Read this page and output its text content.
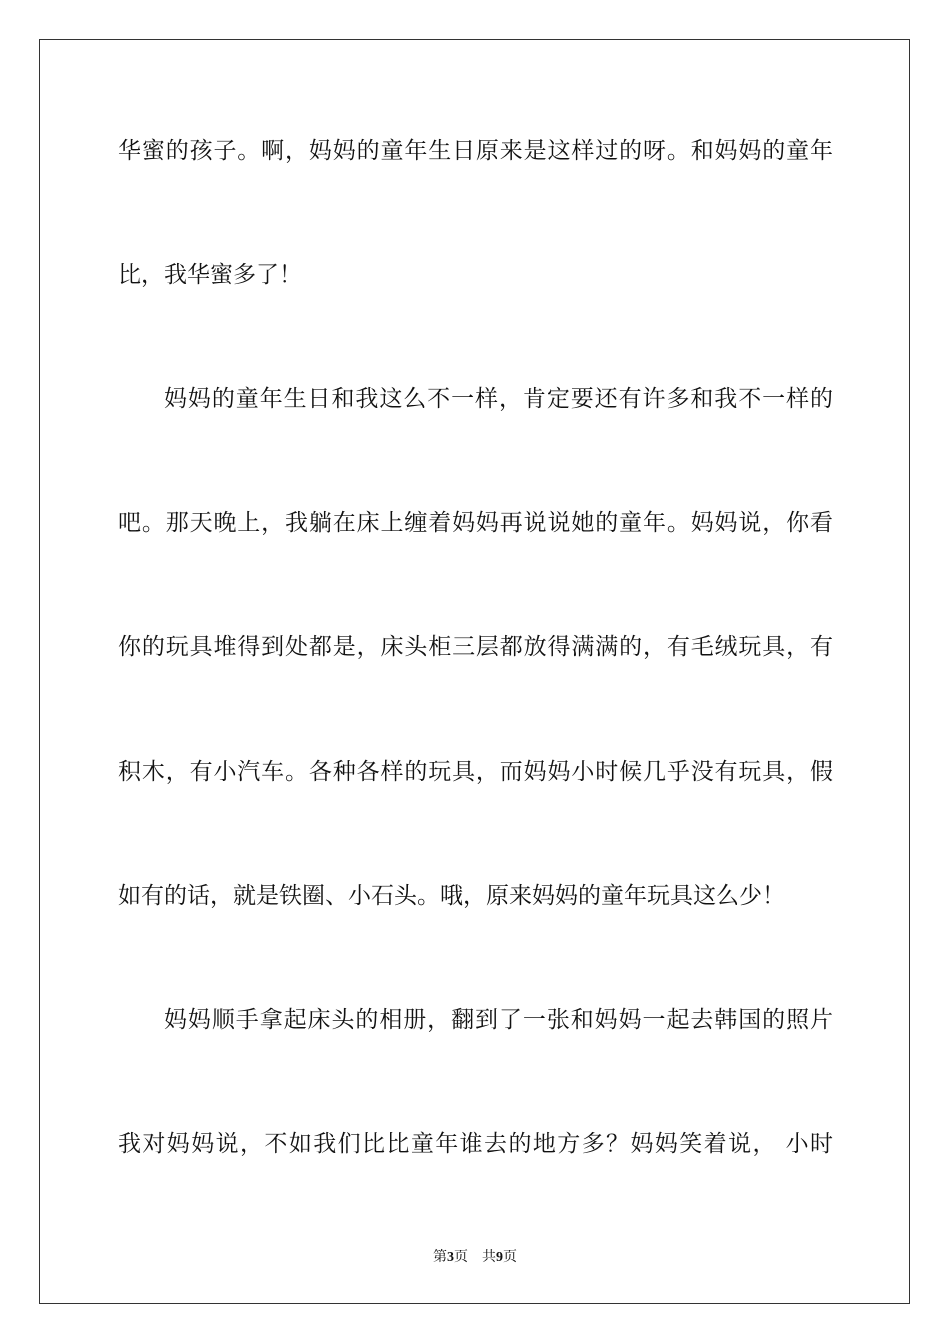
华蜜的孩子。啊，妈妈的童年生日原来是这样过的呀。和妈妈的童年
比，我华蜜多了！
妈妈的童年生日和我这么不一样，肯定要还有许多和我不一样的
吧。那天晚上，我躺在床上缠着妈妈再说说她的童年。妈妈说，你看
你的玩具堆得到处都是，床头柜三层都放得满满的，有毛绒玩具，有
积木，有小汽车。各种各样的玩具，而妈妈小时候几乎没有玩具，假
如有的话，就是铁圈、小石头。哦，原来妈妈的童年玩具这么少！
妈妈顺手拿起床头的相册，翻到了一张和妈妈一起去韩国的照片
我对妈妈说，不如我们比比童年谁去的地方多？妈妈笑着说， 小时
第3页 共9页
